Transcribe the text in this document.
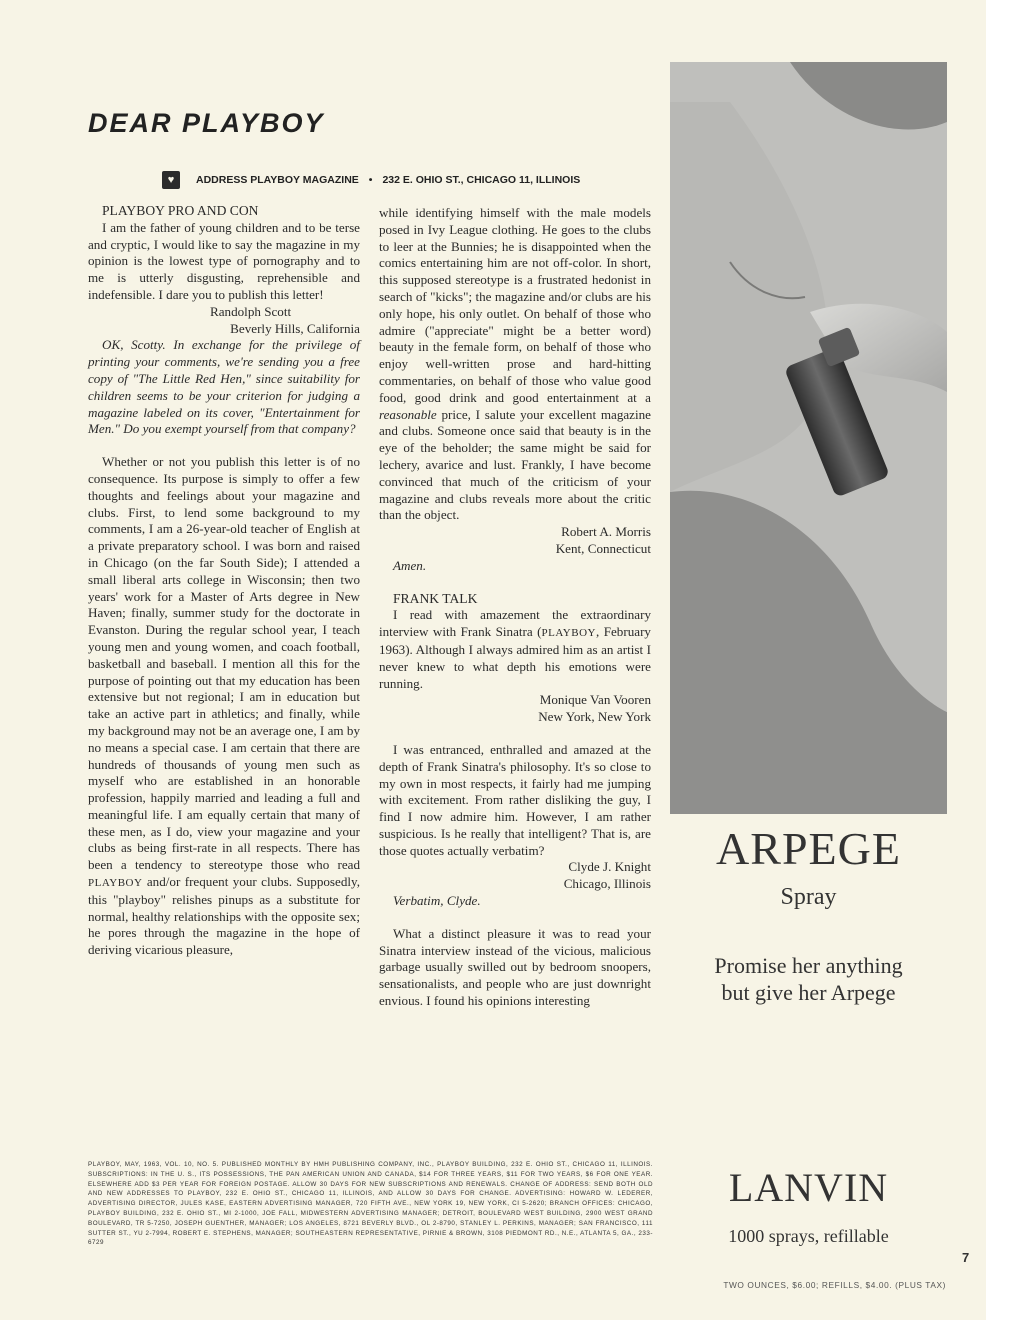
DEAR PLAYBOY
♥	ADDRESS PLAYBOY MAGAZINE • 232 E. OHIO ST., CHICAGO 11, ILLINOIS

PLAYBOY PRO AND CON

I am the father of young children and to be terse and cryptic, I would like to say the magazine in my opinion is the lowest type of pornography and to me is utterly disgusting, reprehensible and indefensible. I dare you to publish this letter!

Randolph Scott

Beverly Hills, California

OK, Scotty. In exchange for the privilege of printing your comments, we're sending you a free copy of "The Little Red Hen," since suitability for children seems to be your criterion for judging a magazine labeled on its cover, "Entertainment for Men." Do you exempt yourself from that company?

Whether or not you publish this letter is of no consequence. Its purpose is simply to offer a few thoughts and feelings about your magazine and clubs. First, to lend some background to my comments, I am a 26-year-old teacher of English at a private preparatory school. I was born and raised in Chicago (on the far South Side); I attended a small liberal arts college in Wisconsin; then two years' work for a Master of Arts degree in New Haven; finally, summer study for the doctorate in Evanston. During the regular school year, I teach young men and young women, and coach football, basketball and baseball. I mention all this for the purpose of pointing out that my education has been extensive but not regional; I am in education but take an active part in athletics; and finally, while my background may not be an average one, I am by no means a special case. I am certain that there are hundreds of thousands of young men such as myself who are established in an honorable profession, happily married and leading a full and meaningful life. I am equally certain that many of these men, as I do, view your magazine and your clubs as being first-rate in all respects. There has been a tendency to stereotype those who read PLAYBOY and/or frequent your clubs. Supposedly, this "playboy" relishes pinups as a substitute for normal, healthy relationships with the opposite sex; he pores through the magazine in the hope of deriving vicarious pleasure,

while identifying himself with the male models posed in Ivy League clothing. He goes to the clubs to leer at the Bunnies; he is disappointed when the comics entertaining him are not off-color. In short, this supposed stereotype is a frustrated hedonist in search of "kicks"; the magazine and/or clubs are his only hope, his only outlet. On behalf of those who admire ("appreciate" might be a better word) beauty in the female form, on behalf of those who enjoy well-written prose and hard-hitting commentaries, on behalf of those who value good food, good drink and good entertainment at a reasonable price, I salute your excellent magazine and clubs. Someone once said that beauty is in the eye of the beholder; the same might be said for lechery, avarice and lust. Frankly, I have become convinced that much of the criticism of your magazine and clubs reveals more about the critic than the object.

Robert A. Morris

Kent, Connecticut

Amen.

FRANK TALK

I read with amazement the extraordinary interview with Frank Sinatra (PLAYBOY, February 1963). Although I always admired him as an artist I never knew to what depth his emotions were running.

Monique Van Vooren

New York, New York

I was entranced, enthralled and amazed at the depth of Frank Sinatra's philosophy. It's so close to my own in most respects, it fairly had me jumping with excitement. From rather disliking the guy, I find I now admire him. However, I am rather suspicious. Is he really that intelligent? That is, are those quotes actually verbatim?

Clyde J. Knight

Chicago, Illinois

Verbatim, Clyde.

What a distinct pleasure it was to read your Sinatra interview instead of the vicious, malicious garbage usually swilled out by bedroom snoopers, sensationalists, and people who are just downright envious. I found his opinions interesting

PLAYBOY, MAY, 1963, VOL. 10, NO. 5. PUBLISHED MONTHLY BY HMH PUBLISHING COMPANY, INC., PLAYBOY BUILDING, 232 E. OHIO ST., CHICAGO 11, ILLINOIS. SUBSCRIPTIONS: IN THE U. S., ITS POSSESSIONS, THE PAN AMERICAN UNION AND CANADA, $14 FOR THREE YEARS, $11 FOR TWO YEARS, $6 FOR ONE YEAR. ELSEWHERE ADD $3 PER YEAR FOR FOREIGN POSTAGE. ALLOW 30 DAYS FOR NEW SUBSCRIPTIONS AND RENEWALS. CHANGE OF ADDRESS: SEND BOTH OLD AND NEW ADDRESSES TO PLAYBOY, 232 E. OHIO ST., CHICAGO 11, ILLINOIS, AND ALLOW 30 DAYS FOR CHANGE. ADVERTISING: HOWARD W. LEDERER, ADVERTISING DIRECTOR, JULES KASE, EASTERN ADVERTISING MANAGER, 720 FIFTH AVE., NEW YORK 19, NEW YORK, CI 5-2620; BRANCH OFFICES: CHICAGO, PLAYBOY BUILDING, 232 E. OHIO ST., MI 2-1000, JOE FALL, MIDWESTERN ADVERTISING MANAGER; DETROIT, BOULEVARD WEST BUILDING, 2900 WEST GRAND BOULEVARD, TR 5-7250, JOSEPH GUENTHER, MANAGER; LOS ANGELES, 8721 BEVERLY BLVD., OL 2-8790, STANLEY L. PERKINS, MANAGER; SAN FRANCISCO, 111 SUTTER ST., YU 2-7994, ROBERT E. STEPHENS, MANAGER; SOUTHEASTERN REPRESENTATIVE, PIRNIE & BROWN, 3108 PIEDMONT RD., N.E., ATLANTA 5, GA., 233-6729
ARPEGE
Spray
Promise her anything
but give her Arpege
LANVIN
1000 sprays, refillable
TWO OUNCES, $6.00; REFILLS, $4.00. (PLUS TAX)
7
